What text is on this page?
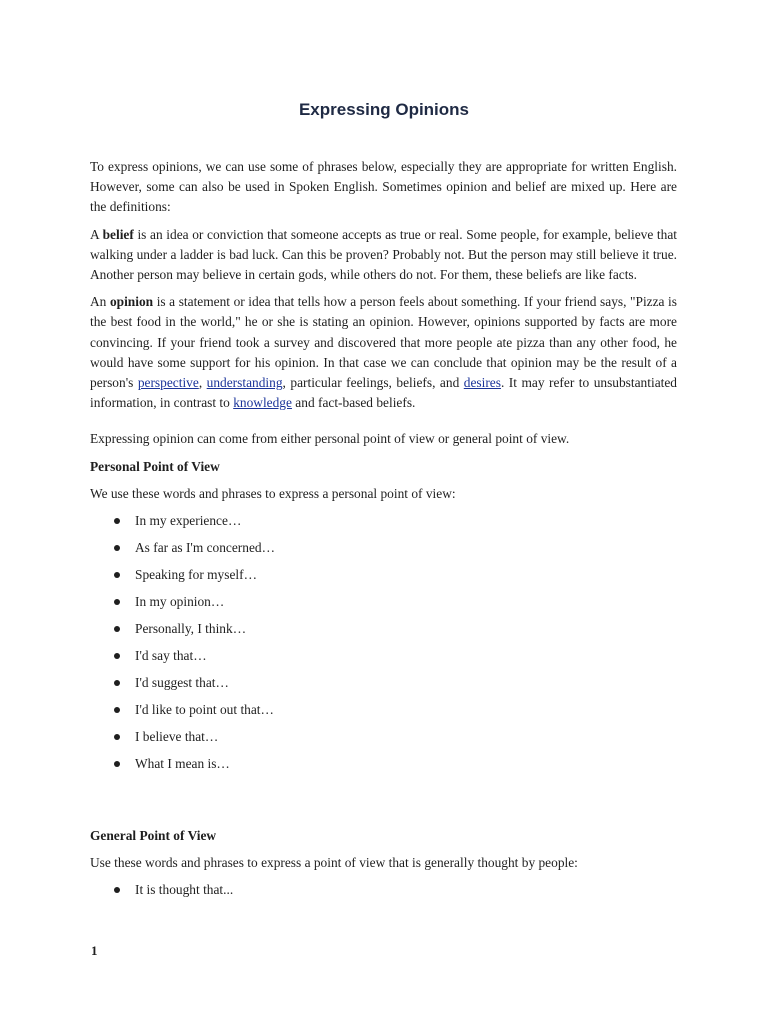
Expressing Opinions

To express opinions, we can use some of phrases below, especially they are appropriate for written English. However, some can also be used in Spoken English. Sometimes opinion and belief are mixed up. Here are the definitions:

A belief is an idea or conviction that someone accepts as true or real. Some people, for example, believe that walking under a ladder is bad luck. Can this be proven? Probably not. But the person may still believe it true. Another person may believe in certain gods, while others do not. For them, these beliefs are like facts.

An opinion is a statement or idea that tells how a person feels about something. If your friend says, "Pizza is the best food in the world," he or she is stating an opinion. However, opinions supported by facts are more convincing. If your friend took a survey and discovered that more people ate pizza than any other food, he would have some support for his opinion. In that case we can conclude that opinion may be the result of a person's perspective, understanding, particular feelings, beliefs, and desires. It may refer to unsubstantiated information, in contrast to knowledge and fact-based beliefs.

Expressing opinion can come from either personal point of view or general point of view.

Personal Point of View

We use these words and phrases to express a personal point of view:

In my experience…
As far as I'm concerned…
Speaking for myself…
In my opinion…
Personally, I think…
I'd say that…
I'd suggest that…
I'd like to point out that…
I believe that…
What I mean is…
General Point of View

Use these words and phrases to express a point of view that is generally thought by people:

It is thought that...
1
